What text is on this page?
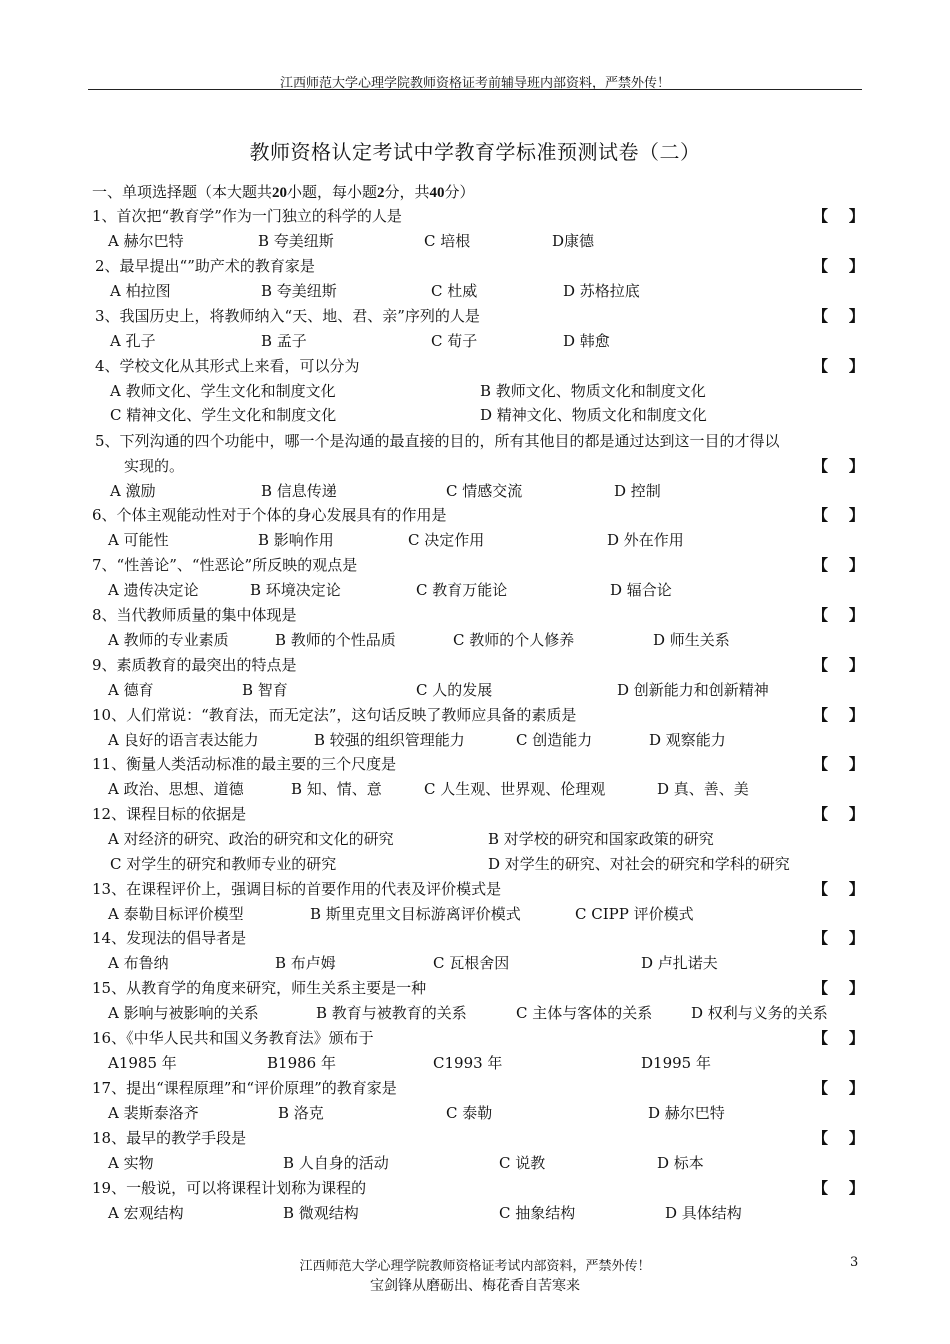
江西师范大学心理学院教师资格证考前辅导班内部资料，严禁外传！
教师资格认定考试中学教育学标准预测试卷（二）
一、单项选择题（本大题共20小题，每小题2分，共40分）
1、首次把“教育学”作为一门独立的科学的人是	【    】
A 赫尔巴特	B 夸美纽斯	C 培根	D康德
2、最早提出“”助产术的教育家是	【    】
A 柏拉图	B 夸美纽斯	C 杜威	D 苏格拉底
3、我国历史上，将教师纳入“天、地、君、亲”序列的人是	【    】
A 孔子	B 孟子	C 荀子	D 韩愈
4、学校文化从其形式上来看，可以分为	【    】
A 教师文化、学生文化和制度文化	B 教师文化、物质文化和制度文化
C 精神文化、学生文化和制度文化	D 精神文化、物质文化和制度文化
5、下列沟通的四个功能中，哪一个是沟通的最直接的目的，所有其他目的都是通过达到这一目的才得以
实现的。	【    】
A 激励	B 信息传递	C 情感交流	D 控制
6、个体主观能动性对于个体的身心发展具有的作用是	【    】
A 可能性	B 影响作用	C 决定作用	D 外在作用
7、“性善论”、“性恶论”所反映的观点是	【    】
A 遗传决定论	B 环境决定论	C 教育万能论	D 辐合论
8、当代教师质量的集中体现是	【    】
A 教师的专业素质	B 教师的个性品质	C 教师的个人修养	D 师生关系
9、素质教育的最突出的特点是	【    】
A 德育	B 智育	C 人的发展	D 创新能力和创新精神
10、人们常说：“教育法，而无定法”，这句话反映了教师应具备的素质是	【    】
A 良好的语言表达能力	B 较强的组织管理能力	C 创造能力	D 观察能力
11、衡量人类活动标准的最主要的三个尺度是	【    】
A 政治、思想、道德	B 知、情、意	C 人生观、世界观、伦理观	D 真、善、美
12、课程目标的依据是	【    】
A 对经济的研究、政治的研究和文化的研究	B 对学校的研究和国家政策的研究
C 对学生的研究和教师专业的研究	D 对学生的研究、对社会的研究和学科的研究
13、在课程评价上，强调目标的首要作用的代表及评价模式是	【    】
A 泰勒目标评价模型	B 斯里克里文目标游离评价模式	C CIPP 评价模式
14、发现法的倡导者是	【    】
A 布鲁纳	B 布卢姆	C 瓦根舍因	D 卢扎诺夫
15、从教育学的角度来研究，师生关系主要是一种	【    】
A 影响与被影响的关系	B 教育与被教育的关系	C 主体与客体的关系	D 权利与义务的关系
16、《中华人民共和国义务教育法》颁布于	【    】
A1985 年	B1986 年	C1993 年	D1995 年
17、提出“课程原理”和“评价原理”的教育家是	【    】
A 裴斯泰洛齐	B 洛克	C 泰勒	D 赫尔巴特
18、最早的教学手段是	【    】
A 实物	B 人自身的活动	C 说教	D 标本
19、一般说，可以将课程计划称为课程的	【    】
A 宏观结构	B 微观结构	C 抽象结构	D 具体结构
江西师范大学心理学院教师资格证考试内部资料，严禁外传！	3
宝剑锋从磨砺出、梅花香自苦寒来
